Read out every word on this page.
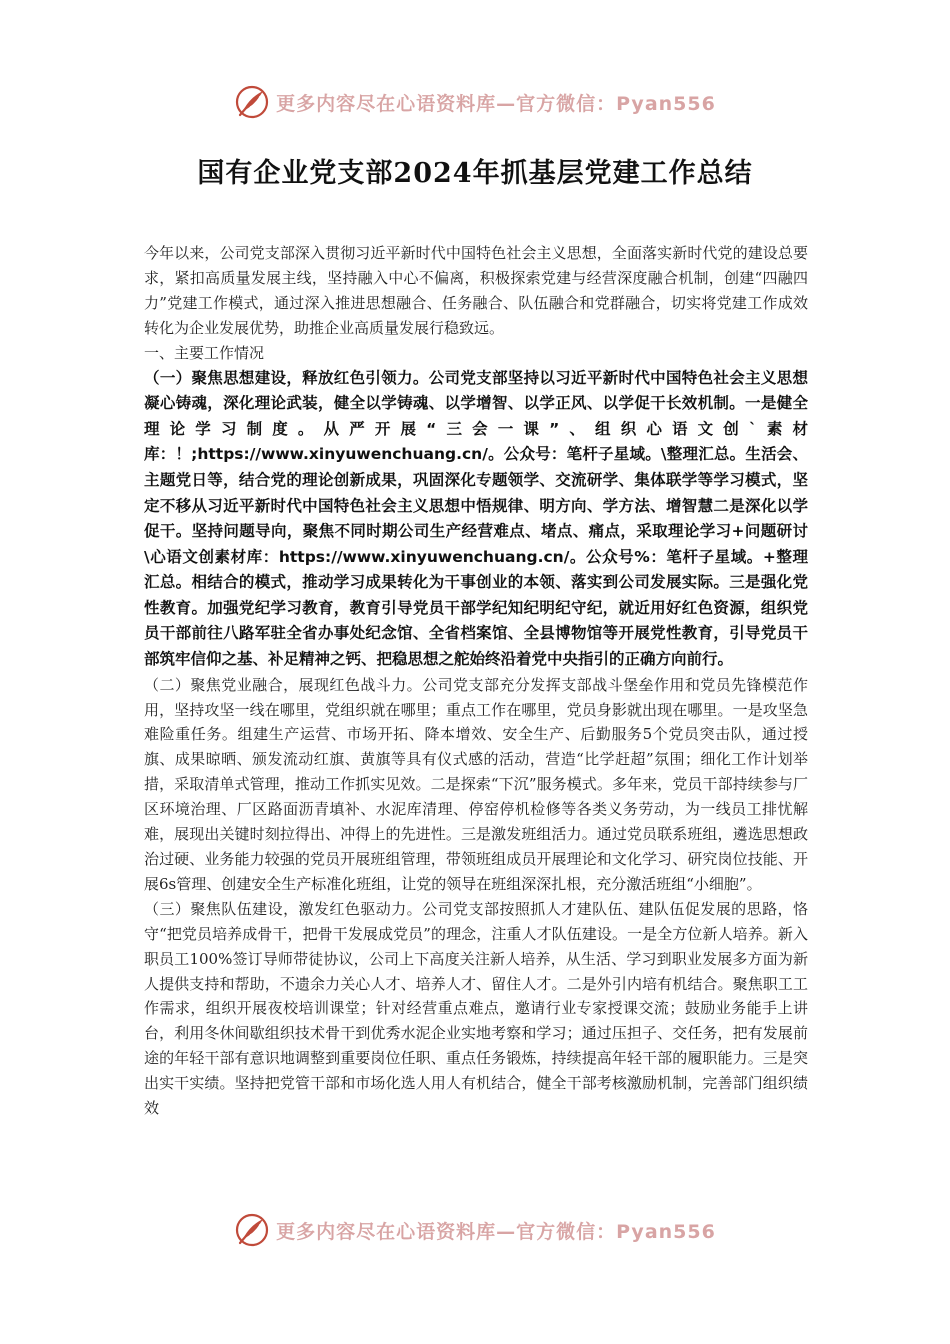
更多内容尽在心语资料库—官方微信：Pyan556
国有企业党支部2024年抓基层党建工作总结

今年以来，公司党支部深入贯彻习近平新时代中国特色社会主义思想，全面落实新时代党的建设总要求，紧扣高质量发展主线，坚持融入中心不偏离，积极探索党建与经营深度融合机制，创建“四融四力”党建工作模式，通过深入推进思想融合、任务融合、队伍融合和党群融合，切实将党建工作成效转化为企业发展优势，助推企业高质量发展行稳致远。

一、主要工作情况

（一）聚焦思想建设，释放红色引领力。公司党支部坚持以习近平新时代中国特色社会主义思想凝心铸魂，深化理论武装，健全以学铸魂、以学增智、以学正风、以学促干长效机制。一是健全理论学习制度。从严开展“三会一课”、组织心语文创`素材库：！;https://www.xinyuwenchuang.cn/。公众号：笔杆子星域。\整理汇总。生活会、主题党日等，结合党的理论创新成果，巩固深化专题领学、交流研学、集体联学等学习模式，坚定不移从习近平新时代中国特色社会主义思想中悟规律、明方向、学方法、增智慧二是深化以学促干。坚持问题导向，聚焦不同时期公司生产经营难点、堵点、痛点，采取理论学习+问题研讨\心语文创素材库：https://www.xinyuwenchuang.cn/。公众号%：笔杆子星域。+整理汇总。相结合的模式，推动学习成果转化为干事创业的本领、落实到公司发展实际。三是强化党性教育。加强党纪学习教育，教育引导党员干部学纪知纪明纪守纪，就近用好红色资源，组织党员干部前往八路军驻全省办事处纪念馆、全省档案馆、全县博物馆等开展党性教育，引导党员干部筑牢信仰之基、补足精神之钙、把稳思想之舵始终沿着党中央指引的正确方向前行。

（二）聚焦党业融合，展现红色战斗力。公司党支部充分发挥支部战斗堡垒作用和党员先锋模范作用，坚持攻坚一线在哪里，党组织就在哪里；重点工作在哪里，党员身影就出现在哪里。一是攻坚急难险重任务。组建生产运营、市场开拓、降本增效、安全生产、后勤服务5个党员突击队，通过授旗、成果晾晒、颁发流动红旗、黄旗等具有仪式感的活动，营造“比学赶超”氛围；细化工作计划举措，采取清单式管理，推动工作抓实见效。二是探索“下沉”服务模式。多年来，党员干部持续参与厂区环境治理、厂区路面沥青填补、水泥库清理、停窑停机检修等各类义务劳动，为一线员工排忧解难，展现出关键时刻拉得出、冲得上的先进性。三是激发班组活力。通过党员联系班组，遴选思想政治过硬、业务能力较强的党员开展班组管理，带领班组成员开展理论和文化学习、研究岗位技能、开展6s管理、创建安全生产标准化班组，让党的领导在班组深深扎根，充分激活班组“小细胞”。

（三）聚焦队伍建设，激发红色驱动力。公司党支部按照抓人才建队伍、建队伍促发展的思路，恪守“把党员培养成骨干，把骨干发展成党员”的理念，注重人才队伍建设。一是全方位新人培养。新入职员工100%签订导师带徒协议，公司上下高度关注新人培养，从生活、学习到职业发展多方面为新人提供支持和帮助，不遗余力关心人才、培养人才、留住人才。二是外引内培有机结合。聚焦职工工作需求，组织开展夜校培训课堂；针对经营重点难点，邀请行业专家授课交流；鼓励业务能手上讲台，利用冬休间歇组织技术骨干到优秀水泥企业实地考察和学习；通过压担子、交任务，把有发展前途的年轻干部有意识地调整到重要岗位任职、重点任务锻炼，持续提高年轻干部的履职能力。三是突出实干实绩。坚持把党管干部和市场化选人用人有机结合，健全干部考核激励机制，完善部门组织绩效

更多内容尽在心语资料库—官方微信：Pyan556
